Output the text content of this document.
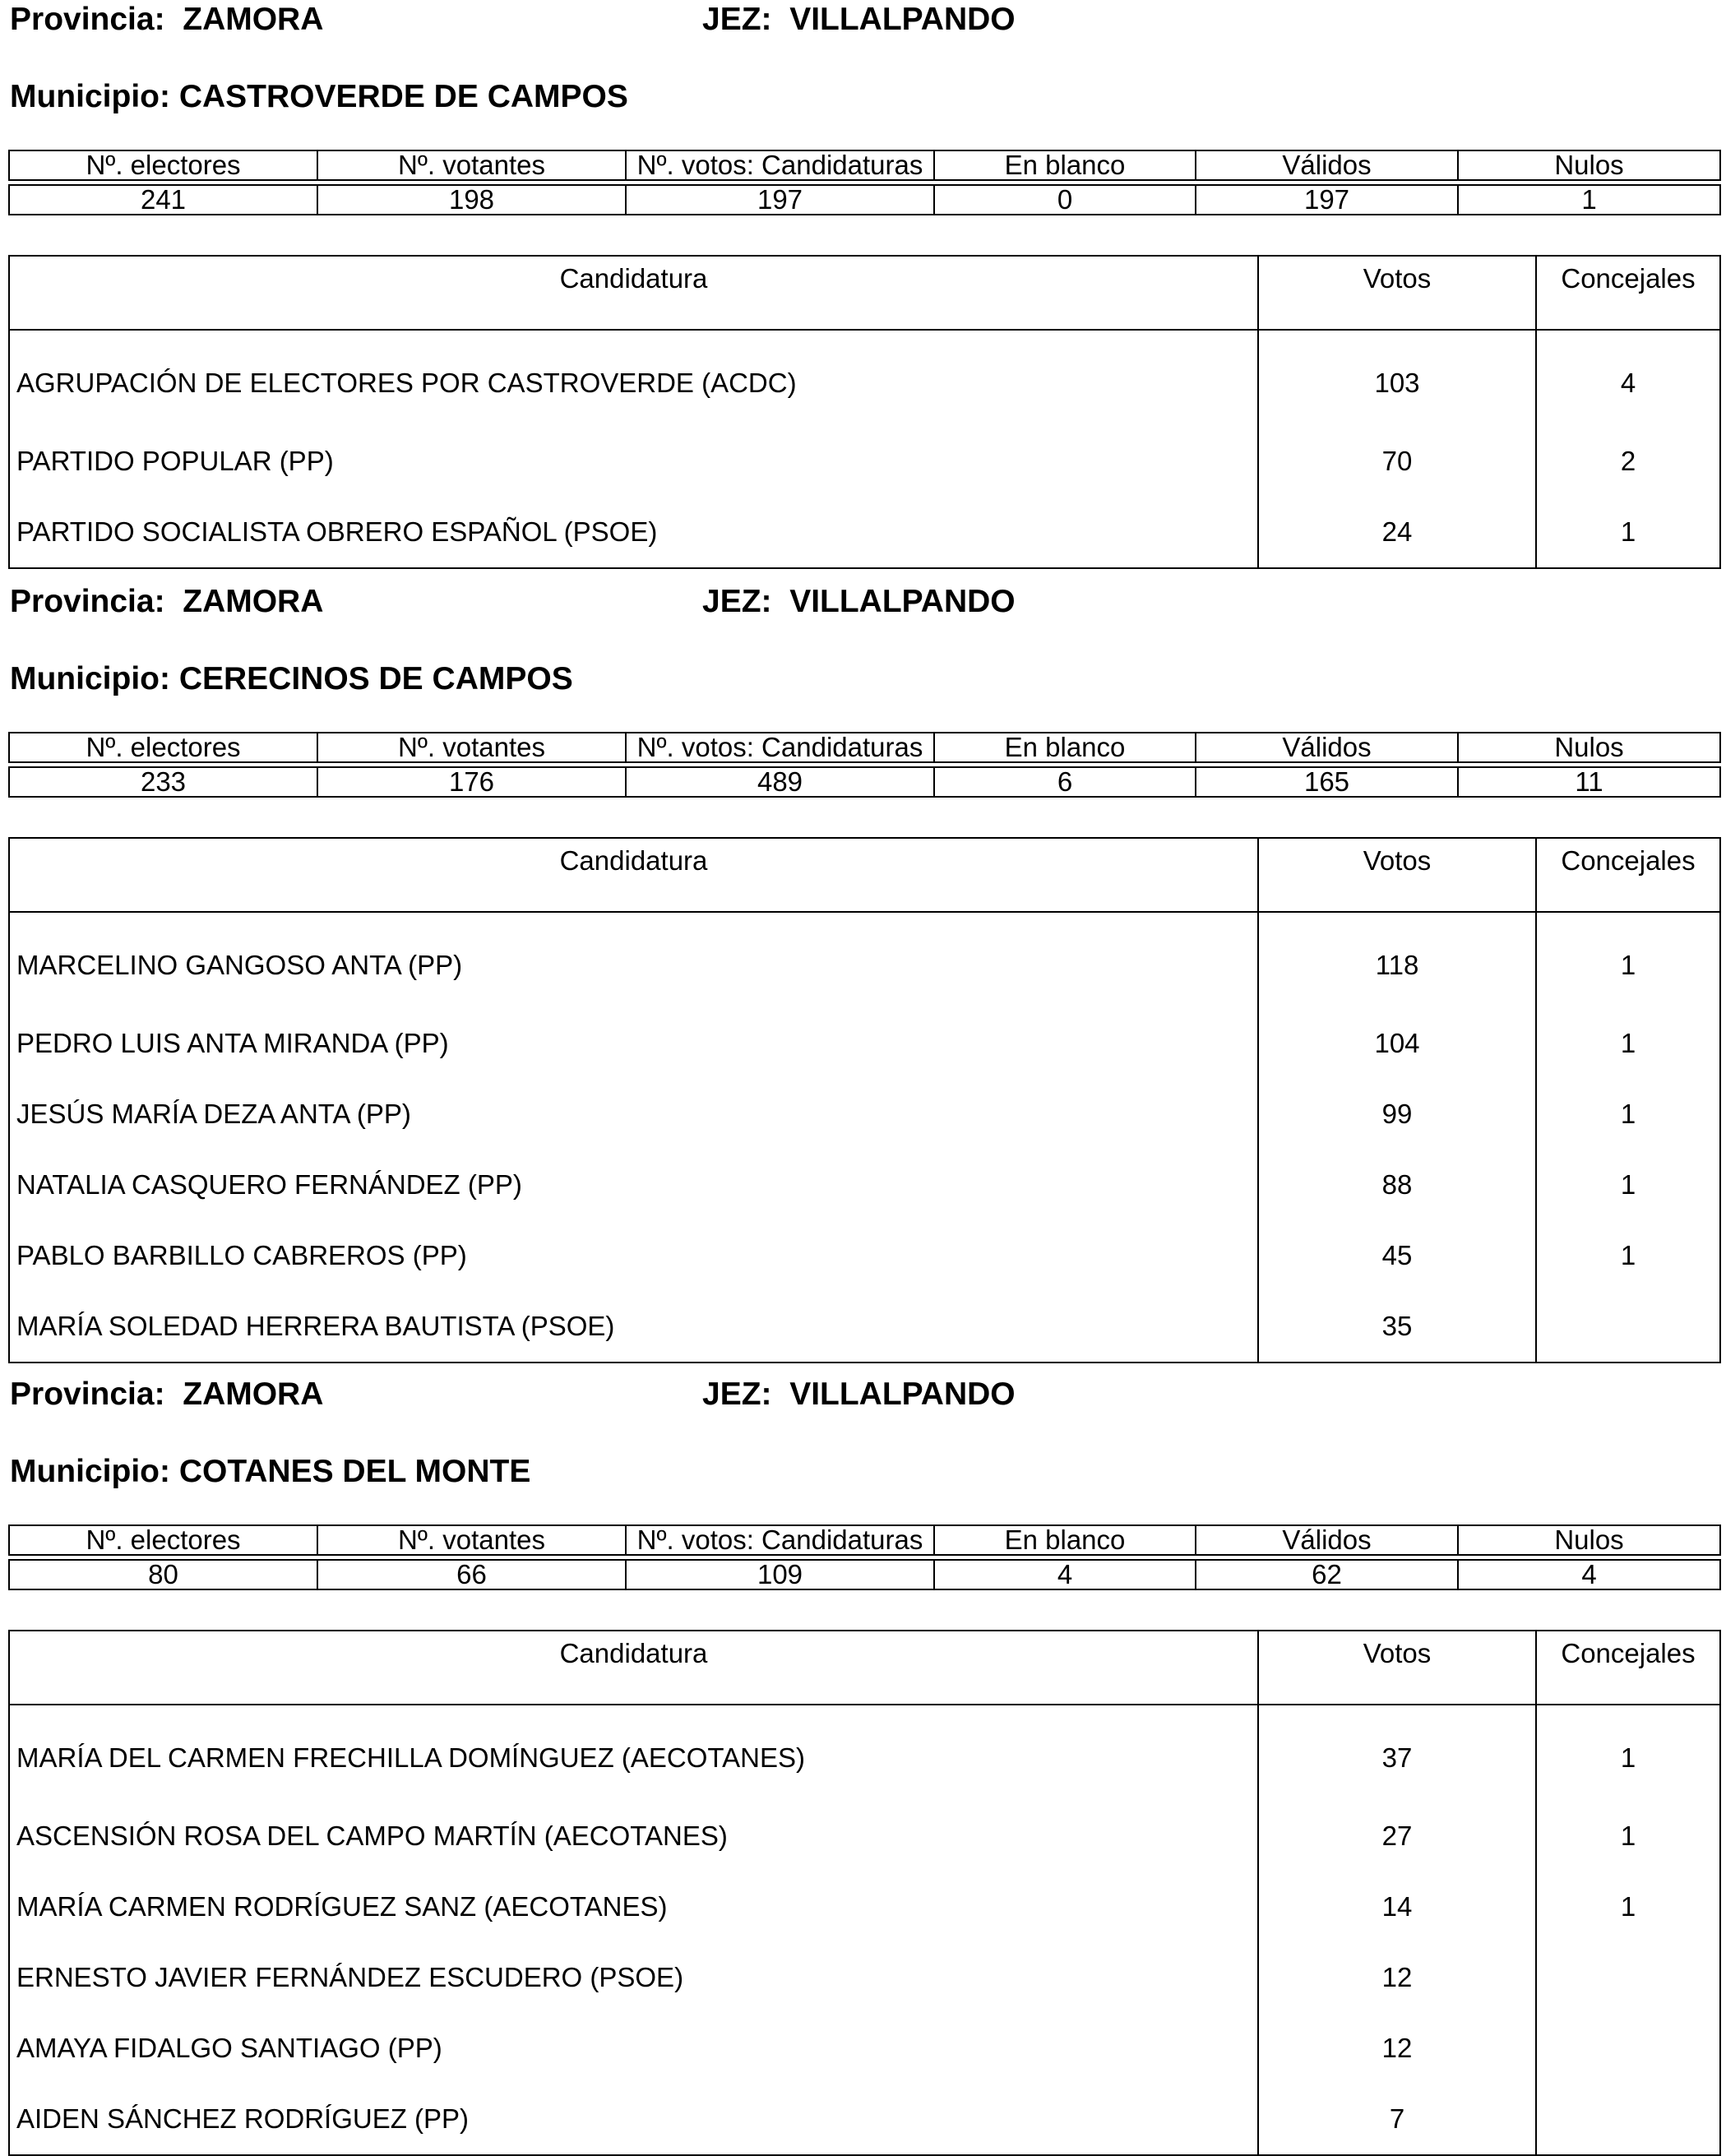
Provincia: ZAMORA	JEZ: VILLALPANDO
Municipio: CASTROVERDE DE CAMPOS
Nº. electores	Nº. votantes	Nº. votos: Candidaturas	En blanco	Válidos	Nulos

241	198	197	0	197	1
Candidatura	Votos	Concejales
AGRUPACIÓN DE ELECTORES POR CASTROVERDE (ACDC)	103	4
PARTIDO POPULAR (PP)	70	2
PARTIDO SOCIALISTA OBRERO ESPAÑOL (PSOE)	24	1
Provincia: ZAMORA	JEZ: VILLALPANDO
Municipio: CERECINOS DE CAMPOS
Nº. electores	Nº. votantes	Nº. votos: Candidaturas	En blanco	Válidos	Nulos

233	176	489	6	165	11
Candidatura	Votos	Concejales
MARCELINO GANGOSO ANTA (PP)	118	1
PEDRO LUIS ANTA MIRANDA (PP)	104	1
JESÚS MARÍA DEZA ANTA (PP)	99	1
NATALIA CASQUERO FERNÁNDEZ (PP)	88	1
PABLO BARBILLO CABREROS (PP)	45	1
MARÍA SOLEDAD HERRERA BAUTISTA (PSOE)	35	
Provincia: ZAMORA	JEZ: VILLALPANDO
Municipio: COTANES DEL MONTE
Nº. electores	Nº. votantes	Nº. votos: Candidaturas	En blanco	Válidos	Nulos

80	66	109	4	62	4
Candidatura	Votos	Concejales
MARÍA DEL CARMEN FRECHILLA DOMÍNGUEZ (AECOTANES)	37	1
ASCENSIÓN ROSA DEL CAMPO MARTÍN (AECOTANES)	27	1
MARÍA CARMEN RODRÍGUEZ SANZ (AECOTANES)	14	1
ERNESTO JAVIER FERNÁNDEZ ESCUDERO (PSOE)	12	
AMAYA FIDALGO SANTIAGO (PP)	12	
AIDEN SÁNCHEZ RODRÍGUEZ (PP)	7	
